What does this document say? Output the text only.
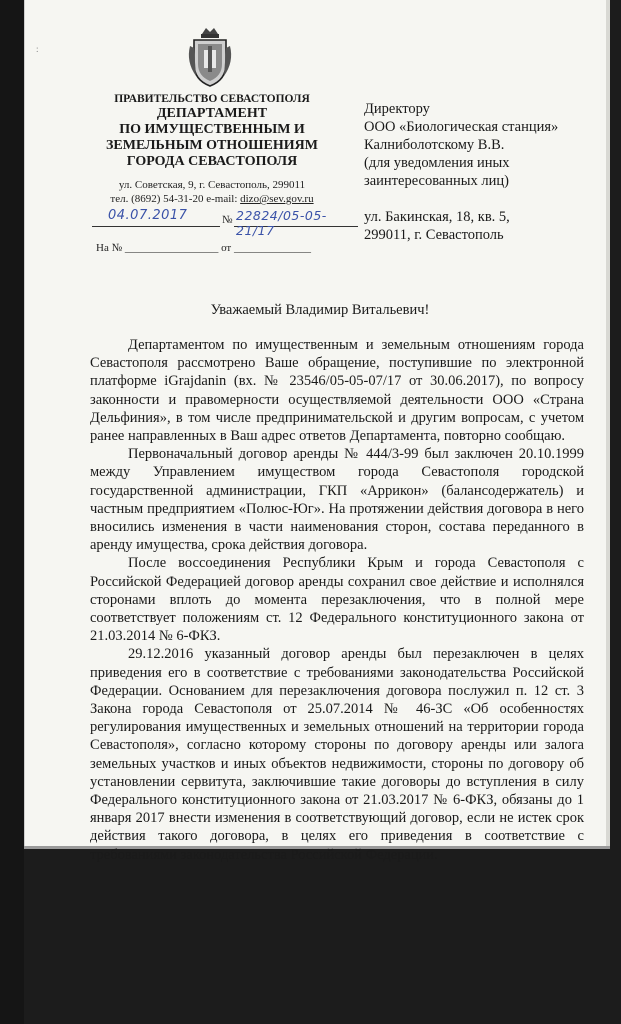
:
ПРАВИТЕЛЬСТВО СЕВАСТОПОЛЯ
ДЕПАРТАМЕНТ
ПО ИМУЩЕСТВЕННЫМ И
ЗЕМЕЛЬНЫМ ОТНОШЕНИЯМ
ГОРОДА СЕВАСТОПОЛЯ
ул. Советская, 9, г. Севастополь, 299011
тел. (8692) 54-31-20 e-mail: dizo@sev.gov.ru
04.07.2017	№ 22824/05-05-21/17
На № _________________ от ______________
Директору
ООО «Биологическая станция»
Калниболотскому В.В.
(для уведомления иных
заинтересованных лиц)
ул. Бакинская, 18, кв. 5,
299011, г. Севастополь
Уважаемый Владимир Витальевич!

Департаментом по имущественным и земельным отношениям города Севастополя рассмотрено Ваше обращение, поступившие по электронной платформе iGrajdanin (вх. № 23546/05-05-07/17 от 30.06.2017), по вопросу законности и правомерности осуществляемой деятельности ООО «Страна Дельфиния», в том числе предпринимательской и другим вопросам, с учетом ранее направленных в Ваш адрес ответов Департамента, повторно сообщаю.

Первоначальный договор аренды № 444/3-99 был заключен 20.10.1999 между Управлением имуществом города Севастополя городской государственной администрации, ГКП «Аррикон» (балансодержатель) и частным предприятием «Полюс-Юг». На протяжении действия договора в него вносились изменения в части наименования сторон, состава переданного в аренду имущества, срока действия договора.

После воссоединения Республики Крым и города Севастополя с Российской Федерацией договор аренды сохранил свое действие и исполнялся сторонами вплоть до момента перезаключения, что в полной мере соответствует положениям ст. 12 Федерального конституционного закона от 21.03.2014 № 6-ФКЗ.

29.12.2016 указанный договор аренды был перезаключен в целях приведения его в соответствие с требованиями законодательства Российской Федерации. Основанием для перезаключения договора послужил п. 12 ст. 3 Закона города Севастополя от 25.07.2014 № 46-ЗС «Об особенностях регулирования имущественных и земельных отношений на территории города Севастополя», согласно которому стороны по договору аренды или залога земельных участков и иных объектов недвижимости, стороны по договору об установлении сервитута, заключившие такие договоры до вступления в силу Федерального конституционного закона от 21.03.2017 № 6-ФКЗ, обязаны до 1 января 2017 внести изменения в соответствующий договор, если не истек срок действия такого договора, в целях его приведения в соответствие с требованиями законодательства Российской Федерации.
